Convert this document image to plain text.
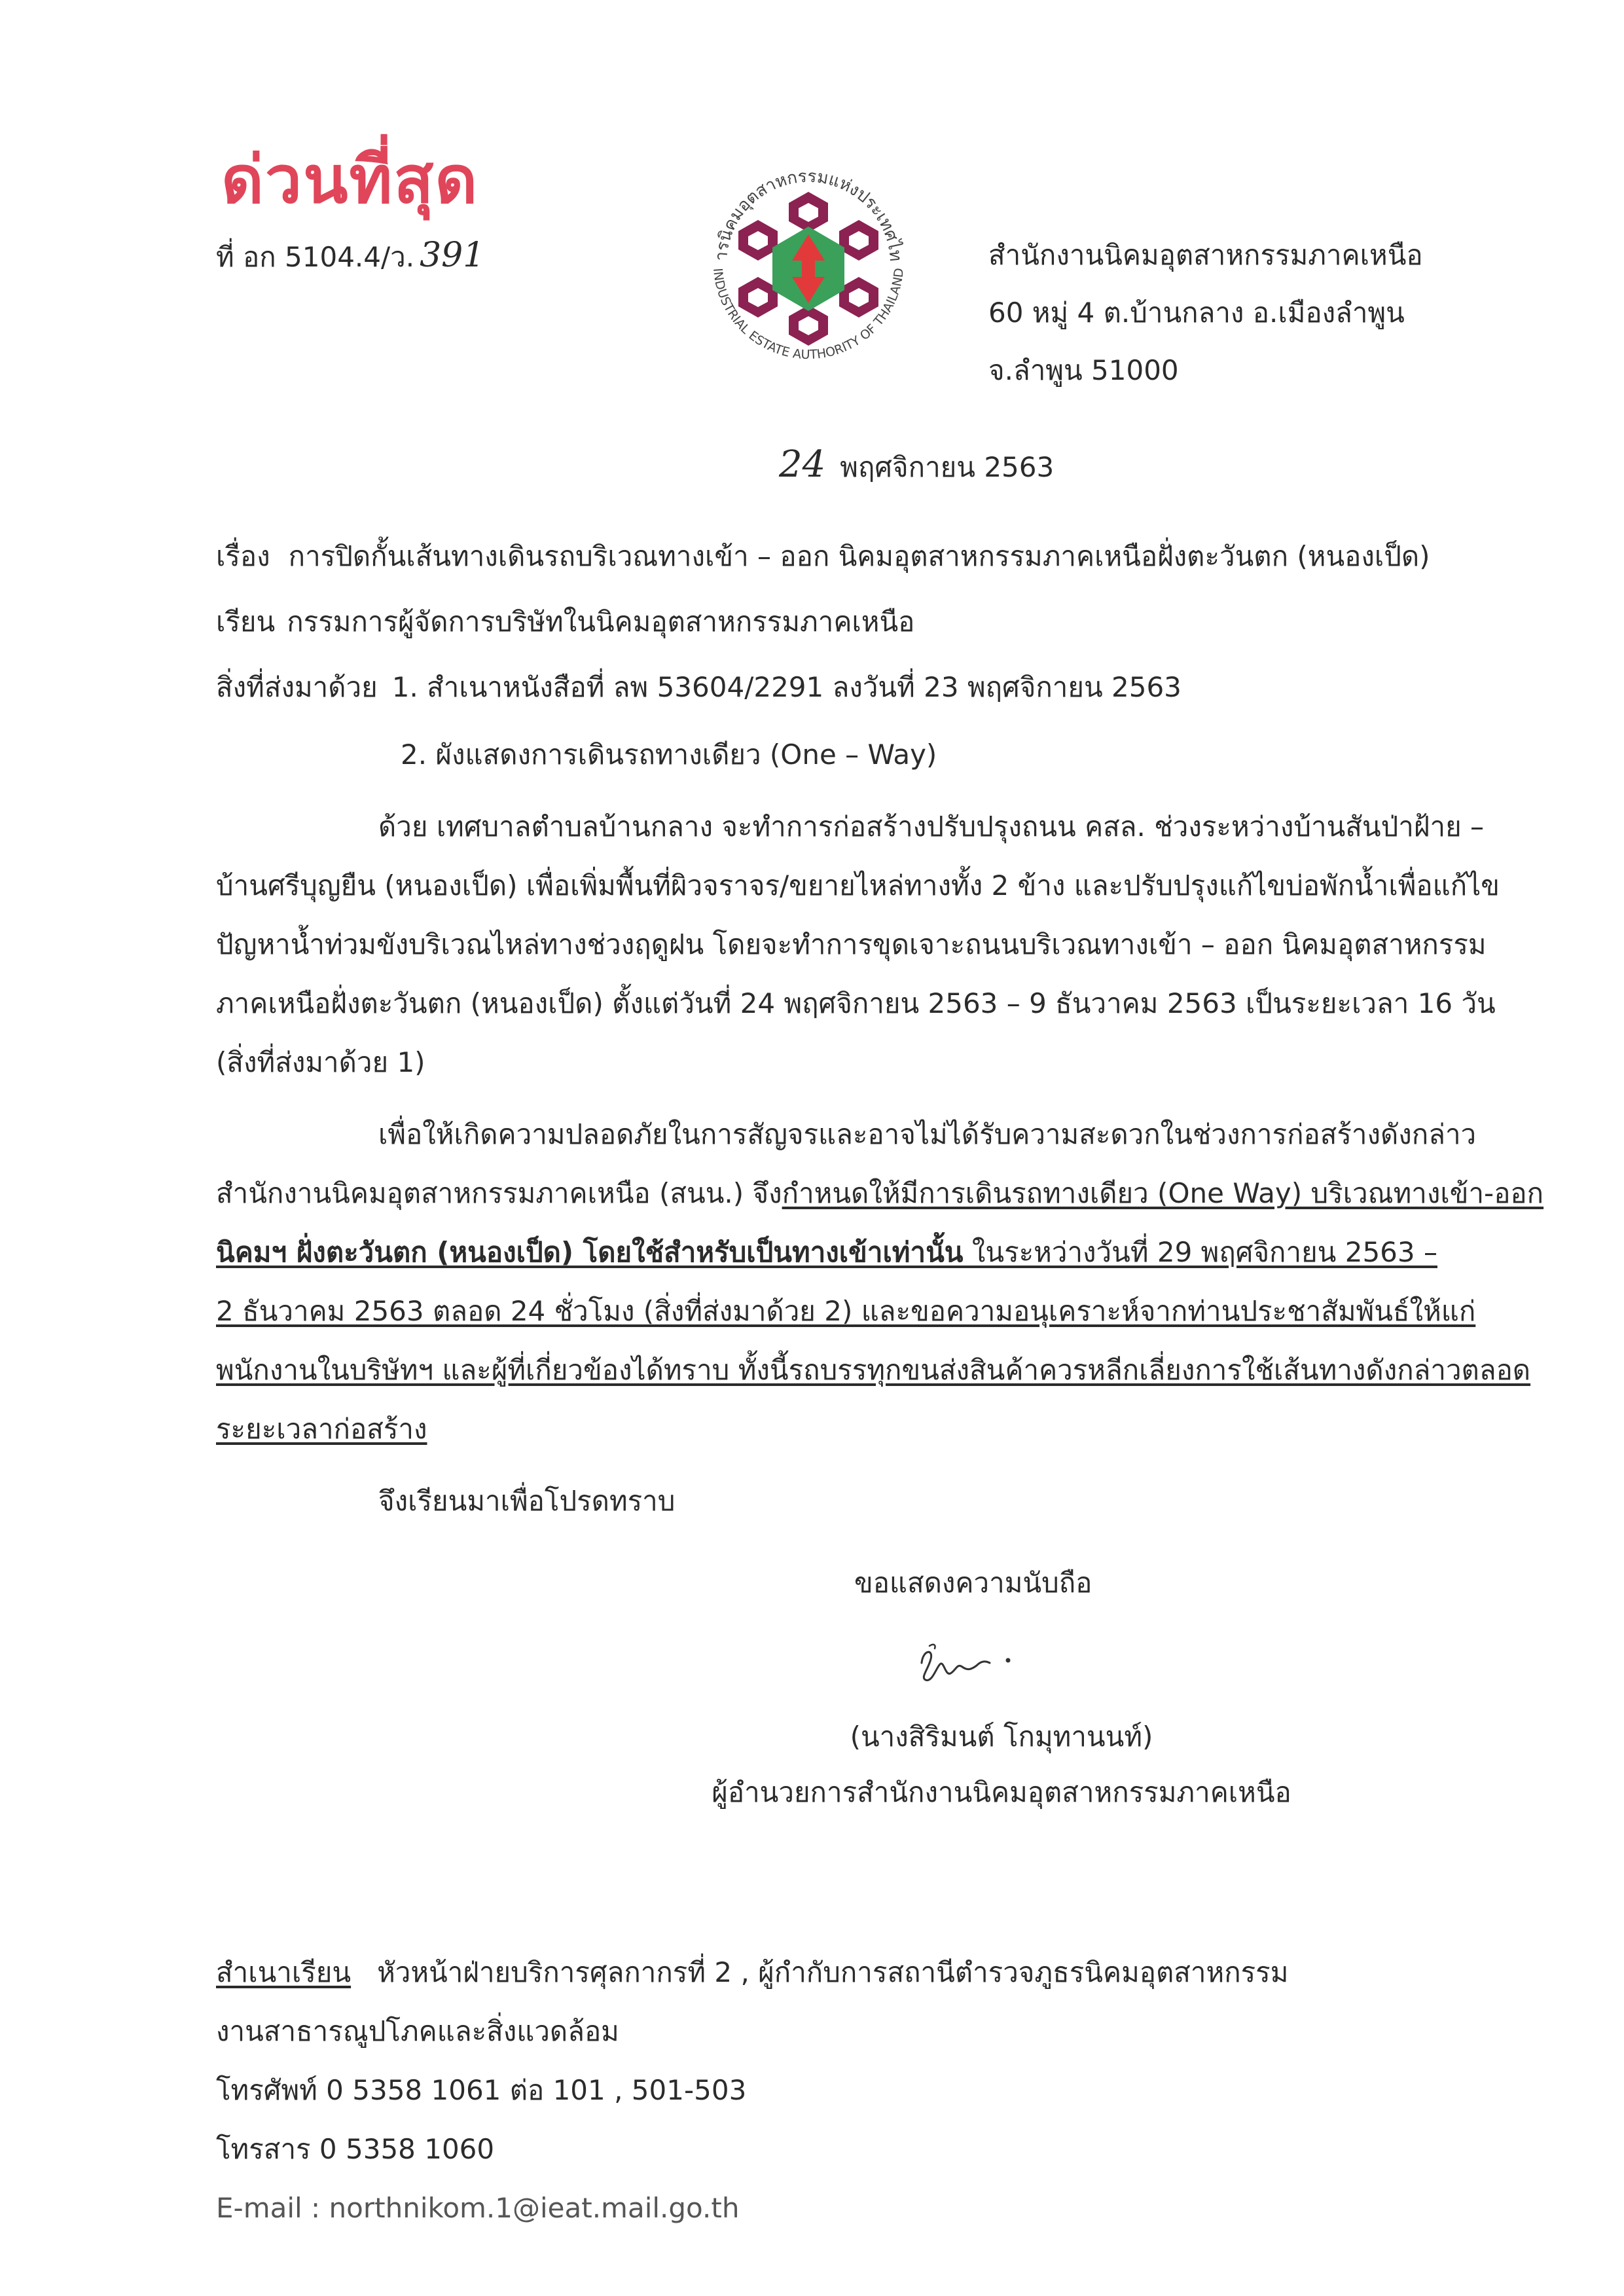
ด่วนที่สุด
ที่ อก 5104.4/ว. 391	ารนิคมอุตสาหกรรมแห่งประเทศไท
INDUSTRIAL ESTATE AUTHORITY OF THAILAND
สำนักงานนิคมอุตสาหกรรมภาคเหนือ
60 หมู่ 4 ต.บ้านกลาง อ.เมืองลำพูน
จ.ลำพูน 51000
24 พฤศจิกายน 2563
เรื่อง การปิดกั้นเส้นทางเดินรถบริเวณทางเข้า – ออก นิคมอุตสาหกรรมภาคเหนือฝั่งตะวันตก (หนองเป็ด)
เรียน กรรมการผู้จัดการบริษัทในนิคมอุตสาหกรรมภาคเหนือ
สิ่งที่ส่งมาด้วย 1. สำเนาหนังสือที่ ลพ 53604/2291 ลงวันที่ 23 พฤศจิกายน 2563
2. ผังแสดงการเดินรถทางเดียว (One – Way)
ด้วย เทศบาลตำบลบ้านกลาง จะทำการก่อสร้างปรับปรุงถนน คสล. ช่วงระหว่างบ้านสันป่าฝ้าย –
บ้านศรีบุญยืน (หนองเป็ด) เพื่อเพิ่มพื้นที่ผิวจราจร/ขยายไหล่ทางทั้ง 2 ข้าง และปรับปรุงแก้ไขบ่อพักน้ำเพื่อแก้ไข
ปัญหาน้ำท่วมขังบริเวณไหล่ทางช่วงฤดูฝน โดยจะทำการขุดเจาะถนนบริเวณทางเข้า – ออก นิคมอุตสาหกรรม
ภาคเหนือฝั่งตะวันตก (หนองเป็ด) ตั้งแต่วันที่ 24 พฤศจิกายน 2563 – 9 ธันวาคม 2563 เป็นระยะเวลา 16 วัน
(สิ่งที่ส่งมาด้วย 1)
เพื่อให้เกิดความปลอดภัยในการสัญจรและอาจไม่ได้รับความสะดวกในช่วงการก่อสร้างดังกล่าว
สำนักงานนิคมอุตสาหกรรมภาคเหนือ (สนน.) จึงกำหนดให้มีการเดินรถทางเดียว (One Way) บริเวณทางเข้า-ออก
นิคมฯ ฝั่งตะวันตก (หนองเป็ด) โดยใช้สำหรับเป็นทางเข้าเท่านั้น ในระหว่างวันที่ 29 พฤศจิกายน 2563 –
2 ธันวาคม 2563 ตลอด 24 ชั่วโมง (สิ่งที่ส่งมาด้วย 2) และขอความอนุเคราะห์จากท่านประชาสัมพันธ์ให้แก่
พนักงานในบริษัทฯ และผู้ที่เกี่ยวข้องได้ทราบ ทั้งนี้รถบรรทุกขนส่งสินค้าควรหลีกเลี่ยงการใช้เส้นทางดังกล่าวตลอด
ระยะเวลาก่อสร้าง
จึงเรียนมาเพื่อโปรดทราบ
ขอแสดงความนับถือ
(นางสิริมนต์ โกมุทานนท์)
ผู้อำนวยการสำนักงานนิคมอุตสาหกรรมภาคเหนือ
สำเนาเรียน หัวหน้าฝ่ายบริการศุลกากรที่ 2 , ผู้กำกับการสถานีตำรวจภูธรนิคมอุตสาหกรรม
งานสาธารณูปโภคและสิ่งแวดล้อม
โทรศัพท์ 0 5358 1061 ต่อ 101 , 501-503
โทรสาร 0 5358 1060
E-mail : northnikom.1@ieat.mail.go.th
